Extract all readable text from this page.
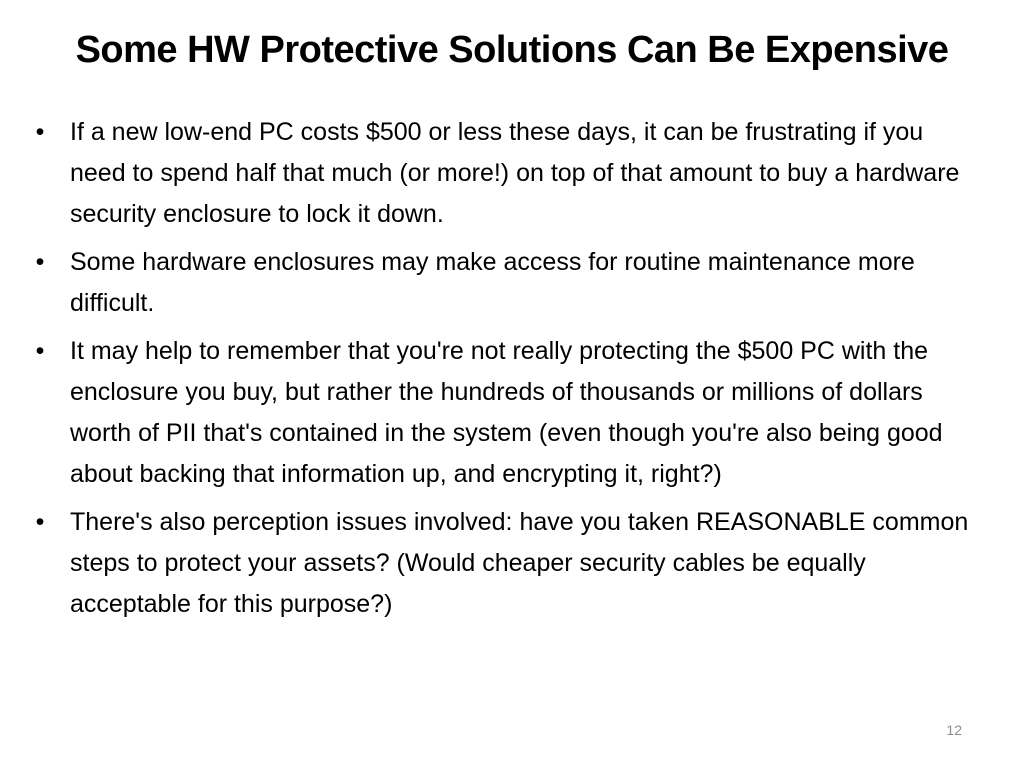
Some HW Protective Solutions Can Be Expensive
• If a new low-end PC costs $500 or less these days, it can be frustrating if you need to spend half that much (or more!) on top of that amount to buy a hardware security enclosure to lock it down.
• Some hardware enclosures may make access for routine maintenance more difficult.
• It may help to remember that you're not really protecting the $500 PC with the enclosure you buy, but rather the hundreds of thousands or millions of dollars worth of PII that's contained in the system (even though you're also being good about backing that information up, and encrypting it, right?)
• There's also perception issues involved: have you taken REASONABLE common steps to protect your assets? (Would cheaper security cables be equally acceptable for this purpose?)
12
